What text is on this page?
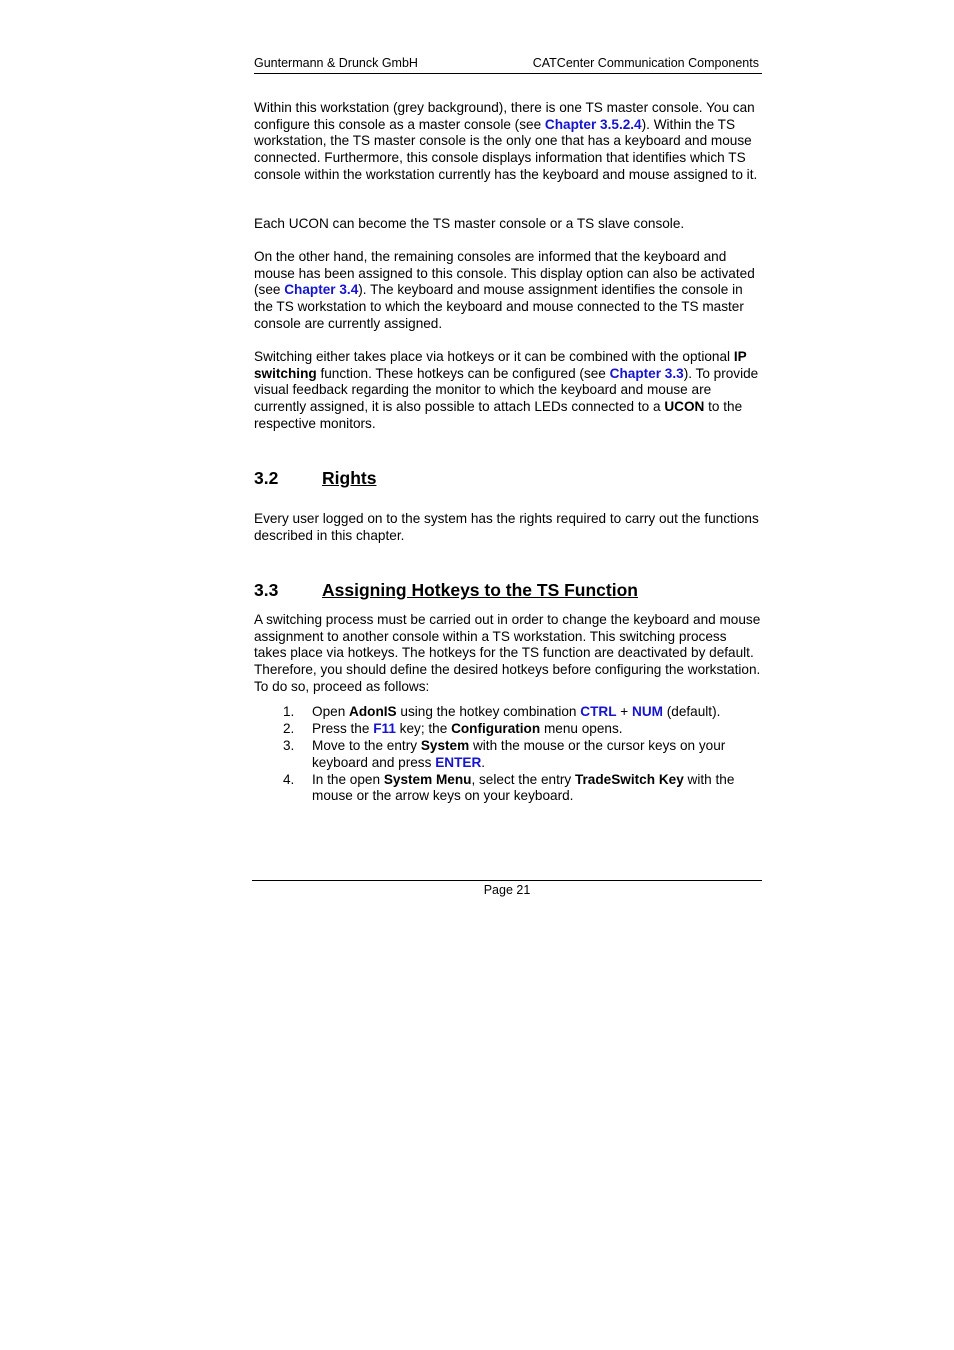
Guntermann & Drunck GmbH	CATCenter Communication Components

Within this workstation (grey background), there is one TS master console. You can configure this console as a master console (see Chapter 3.5.2.4). Within the TS workstation, the TS master console is the only one that has a keyboard and mouse connected. Furthermore, this console displays information that identifies which TS console within the workstation currently has the keyboard and mouse assigned to it.

Each UCON can become the TS master console or a TS slave console.

On the other hand, the remaining consoles are informed that the keyboard and mouse has been assigned to this console. This display option can also be activated (see Chapter 3.4). The keyboard and mouse assignment identifies the console in the TS workstation to which the keyboard and mouse connected to the TS master console are currently assigned.

Switching either takes place via hotkeys or it can be combined with the optional IP switching function. These hotkeys can be configured (see Chapter 3.3). To provide visual feedback regarding the monitor to which the keyboard and mouse are currently assigned, it is also possible to attach LEDs connected to a UCON to the respective monitors.

3.2 Rights

Every user logged on to the system has the rights required to carry out the functions described in this chapter.

3.3 Assigning Hotkeys to the TS Function

A switching process must be carried out in order to change the keyboard and mouse assignment to another console within a TS workstation. This switching process takes place via hotkeys. The hotkeys for the TS function are deactivated by default. Therefore, you should define the desired hotkeys before configuring the workstation. To do so, proceed as follows:

1. Open AdonIS using the hotkey combination CTRL + NUM (default).
2. Press the F11 key; the Configuration menu opens.
3. Move to the entry System with the mouse or the cursor keys on your keyboard and press ENTER.
4. In the open System Menu, select the entry TradeSwitch Key with the mouse or the arrow keys on your keyboard.
Page 21
